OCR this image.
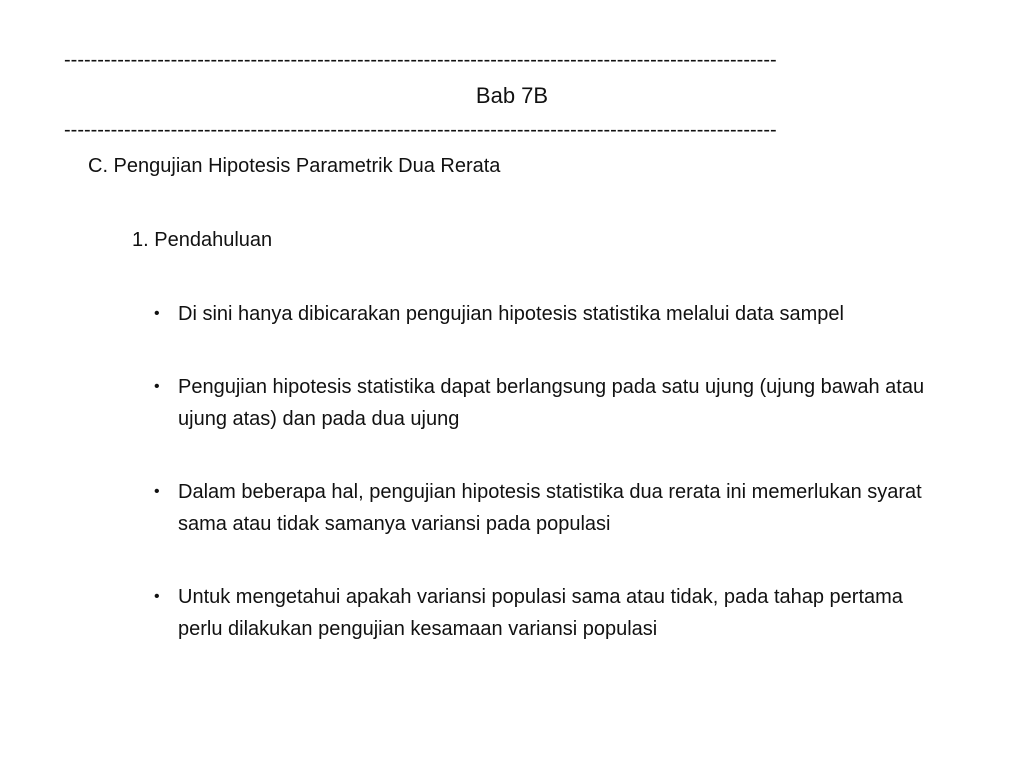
-----------------------------------------------------------------------------------------------------------
Bab 7B
-----------------------------------------------------------------------------------------------------------
C. Pengujian Hipotesis Parametrik Dua Rerata
1. Pendahuluan
• Di sini hanya dibicarakan pengujian hipotesis statistika melalui data sampel
• Pengujian hipotesis statistika dapat berlangsung pada satu ujung (ujung bawah atau ujung atas) dan pada dua ujung
• Dalam beberapa hal, pengujian hipotesis statistika dua rerata ini memerlukan syarat sama atau tidak samanya variansi pada populasi
• Untuk mengetahui apakah variansi populasi sama atau tidak, pada tahap pertama perlu dilakukan pengujian kesamaan variansi populasi
